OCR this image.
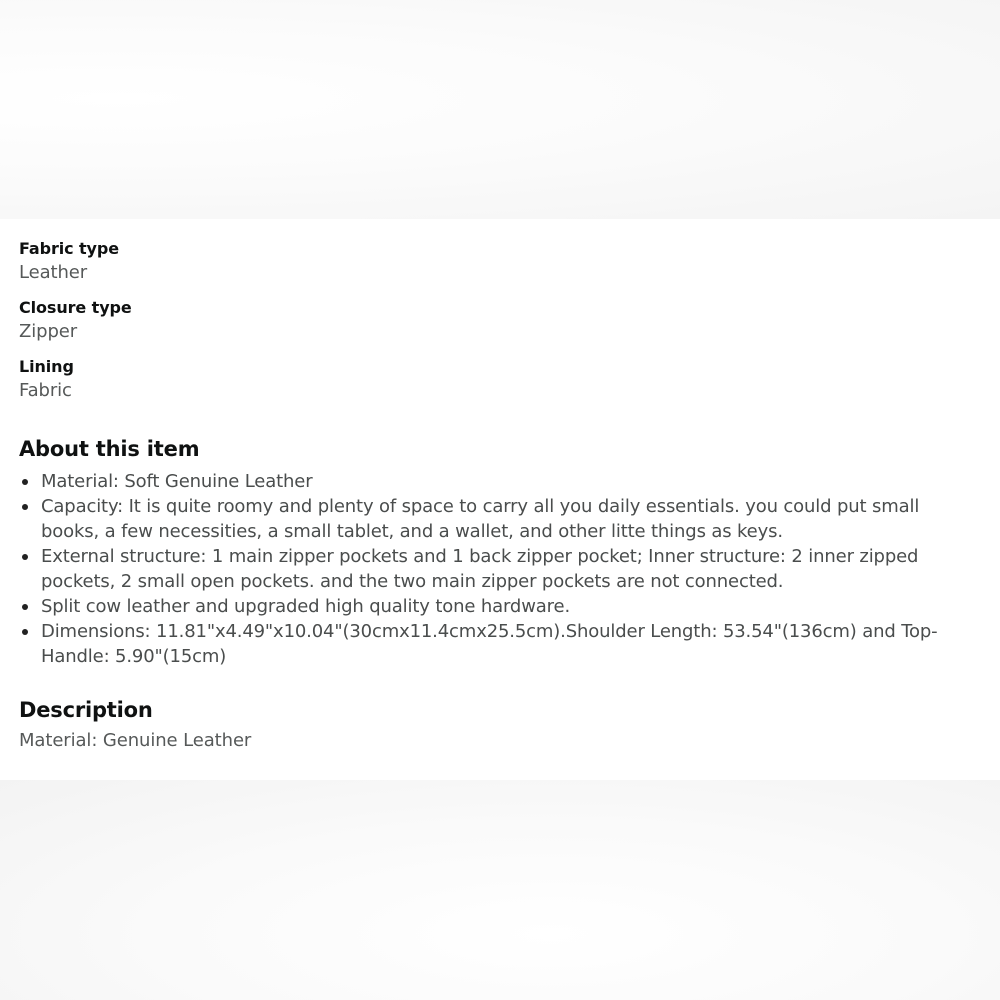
Fabric type
Leather
Closure type
Zipper
Lining
Fabric
About this item
Material: Soft Genuine Leather
Capacity: It is quite roomy and plenty of space to carry all you daily essentials. you could put small books, a few necessities, a small tablet, and a wallet, and other litte things as keys.
External structure: 1 main zipper pockets and 1 back zipper pocket; Inner structure: 2 inner zipped pockets, 2 small open pockets. and the two main zipper pockets are not connected.
Split cow leather and upgraded high quality tone hardware.
Dimensions: 11.81"x4.49"x10.04"(30cmx11.4cmx25.5cm).Shoulder Length: 53.54"(136cm) and Top-Handle: 5.90"(15cm)
Description
Material: Genuine Leather
